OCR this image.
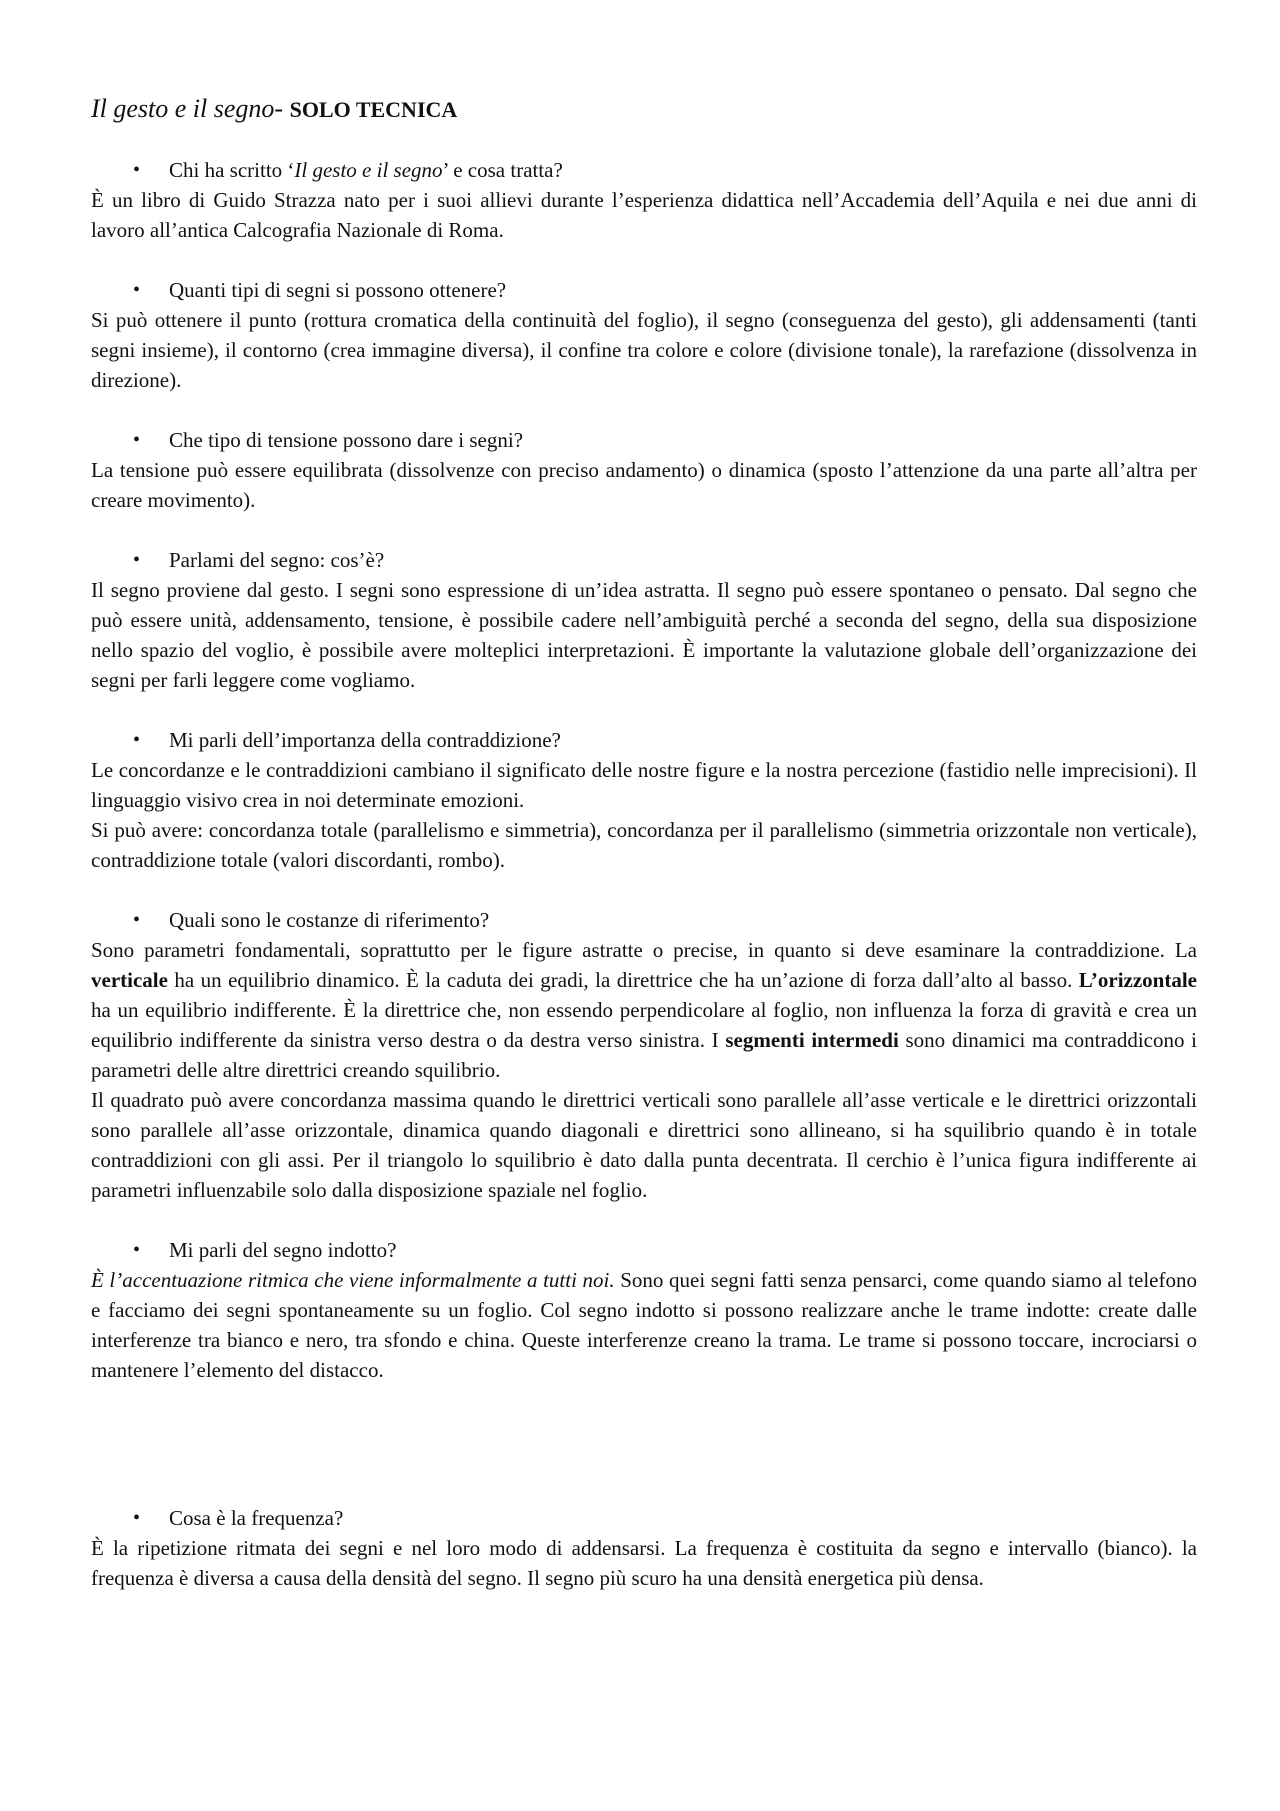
Il gesto e il segno- SOLO TECNICA

• Chi ha scritto ‘Il gesto e il segno’ e cosa tratta?

È un libro di Guido Strazza nato per i suoi allievi durante l’esperienza didattica nell’Accademia dell’Aquila e nei due anni di lavoro all’antica Calcografia Nazionale di Roma.

• Quanti tipi di segni si possono ottenere?

Si può ottenere il punto (rottura cromatica della continuità del foglio), il segno (conseguenza del gesto), gli addensamenti (tanti segni insieme), il contorno (crea immagine diversa), il confine tra colore e colore (divisione tonale), la rarefazione (dissolvenza in direzione).

• Che tipo di tensione possono dare i segni?

La tensione può essere equilibrata (dissolvenze con preciso andamento) o dinamica (sposto l’attenzione da una parte all’altra per creare movimento).

• Parlami del segno: cos’è?

Il segno proviene dal gesto. I segni sono espressione di un’idea astratta. Il segno può essere spontaneo o pensato. Dal segno che può essere unità, addensamento, tensione, è possibile cadere nell’ambiguità perché a seconda del segno, della sua disposizione nello spazio del voglio, è possibile avere molteplici interpretazioni. È importante la valutazione globale dell’organizzazione dei segni per farli leggere come vogliamo.

• Mi parli dell’importanza della contraddizione?

Le concordanze e le contraddizioni cambiano il significato delle nostre figure e la nostra percezione (fastidio nelle imprecisioni). Il linguaggio visivo crea in noi determinate emozioni.

Si può avere: concordanza totale (parallelismo e simmetria), concordanza per il parallelismo (simmetria orizzontale non verticale), contraddizione totale (valori discordanti, rombo).

• Quali sono le costanze di riferimento?

Sono parametri fondamentali, soprattutto per le figure astratte o precise, in quanto si deve esaminare la contraddizione. La verticale ha un equilibrio dinamico. È la caduta dei gradi, la direttrice che ha un’azione di forza dall’alto al basso. L’orizzontale ha un equilibrio indifferente. È la direttrice che, non essendo perpendicolare al foglio, non influenza la forza di gravità e crea un equilibrio indifferente da sinistra verso destra o da destra verso sinistra. I segmenti intermedi sono dinamici ma contraddicono i parametri delle altre direttrici creando squilibrio.

Il quadrato può avere concordanza massima quando le direttrici verticali sono parallele all’asse verticale e le direttrici orizzontali sono parallele all’asse orizzontale, dinamica quando diagonali e direttrici sono allineano, si ha squilibrio quando è in totale contraddizioni con gli assi. Per il triangolo lo squilibrio è dato dalla punta decentrata. Il cerchio è l’unica figura indifferente ai parametri influenzabile solo dalla disposizione spaziale nel foglio.

• Mi parli del segno indotto?

È l’accentuazione ritmica che viene informalmente a tutti noi. Sono quei segni fatti senza pensarci, come quando siamo al telefono e facciamo dei segni spontaneamente su un foglio. Col segno indotto si possono realizzare anche le trame indotte: create dalle interferenze tra bianco e nero, tra sfondo e china. Queste interferenze creano la trama. Le trame si possono toccare, incrociarsi o mantenere l’elemento del distacco.

• Cosa è la frequenza?

È la ripetizione ritmata dei segni e nel loro modo di addensarsi. La frequenza è costituita da segno e intervallo (bianco). la frequenza è diversa a causa della densità del segno. Il segno più scuro ha una densità energetica più densa.
